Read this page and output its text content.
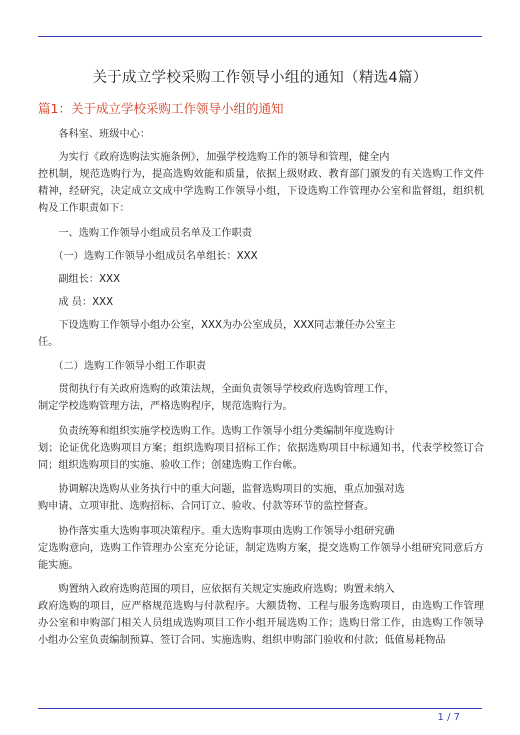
关于成立学校采购工作领导小组的通知（精选4篇）
篇1：关于成立学校采购工作领导小组的通知

　　各科室、班级中心：

　　为实行《政府选购法实施条例》，加强学校选购工作的领导和管理，健全内
控机制，规范选购行为，提高选购效能和质量，依据上级财政、教育部门颁发的有关选购工作文件精神，经研究，决定成立文成中学选购工作领导小组，下设选购工作管理办公室和监督组，组织机构及工作职责如下：

　　一、选购工作领导小组成员名单及工作职责

　　（一）选购工作领导小组成员名单组长：XXX

　　副组长：XXX

　　成 员：XXX

　　下设选购工作领导小组办公室，XXX为办公室成员，XXX同志兼任办公室主
任。

　　（二）选购工作领导小组工作职责

　　贯彻执行有关政府选购的政策法规，全面负责领导学校政府选购管理工作，
制定学校选购管理方法，严格选购程序，规范选购行为。

　　负责统筹和组织实施学校选购工作。选购工作领导小组分类编制年度选购计
划；论证优化选购项目方案；组织选购项目招标工作；依据选购项目中标通知书，代表学校签订合同；组织选购项目的实施、验收工作；创建选购工作台帐。

　　协调解决选购从业务执行中的重大问题，监督选购项目的实施，重点加强对选
购申请、立项审批、选购招标、合同订立、验收、付款等环节的监控督查。

　　协作落实重大选购事项决策程序。重大选购事项由选购工作领导小组研究确
定选购意向，选购工作管理办公室充分论证，制定选购方案，提交选购工作领导小组研究同意后方能实施。

　　购置纳入政府选购范围的项目，应依据有关规定实施政府选购；购置未纳入
政府选购的项目，应严格规范选购与付款程序。大额货物、工程与服务选购项目，由选购工作管理办公室和申购部门相关人员组成选购项目工作小组开展选购工作；选购日常工作，由选购工作领导小组办公室负责编制预算、签订合同、实施选购、组织申购部门验收和付款；低值易耗物品

1 / 7
